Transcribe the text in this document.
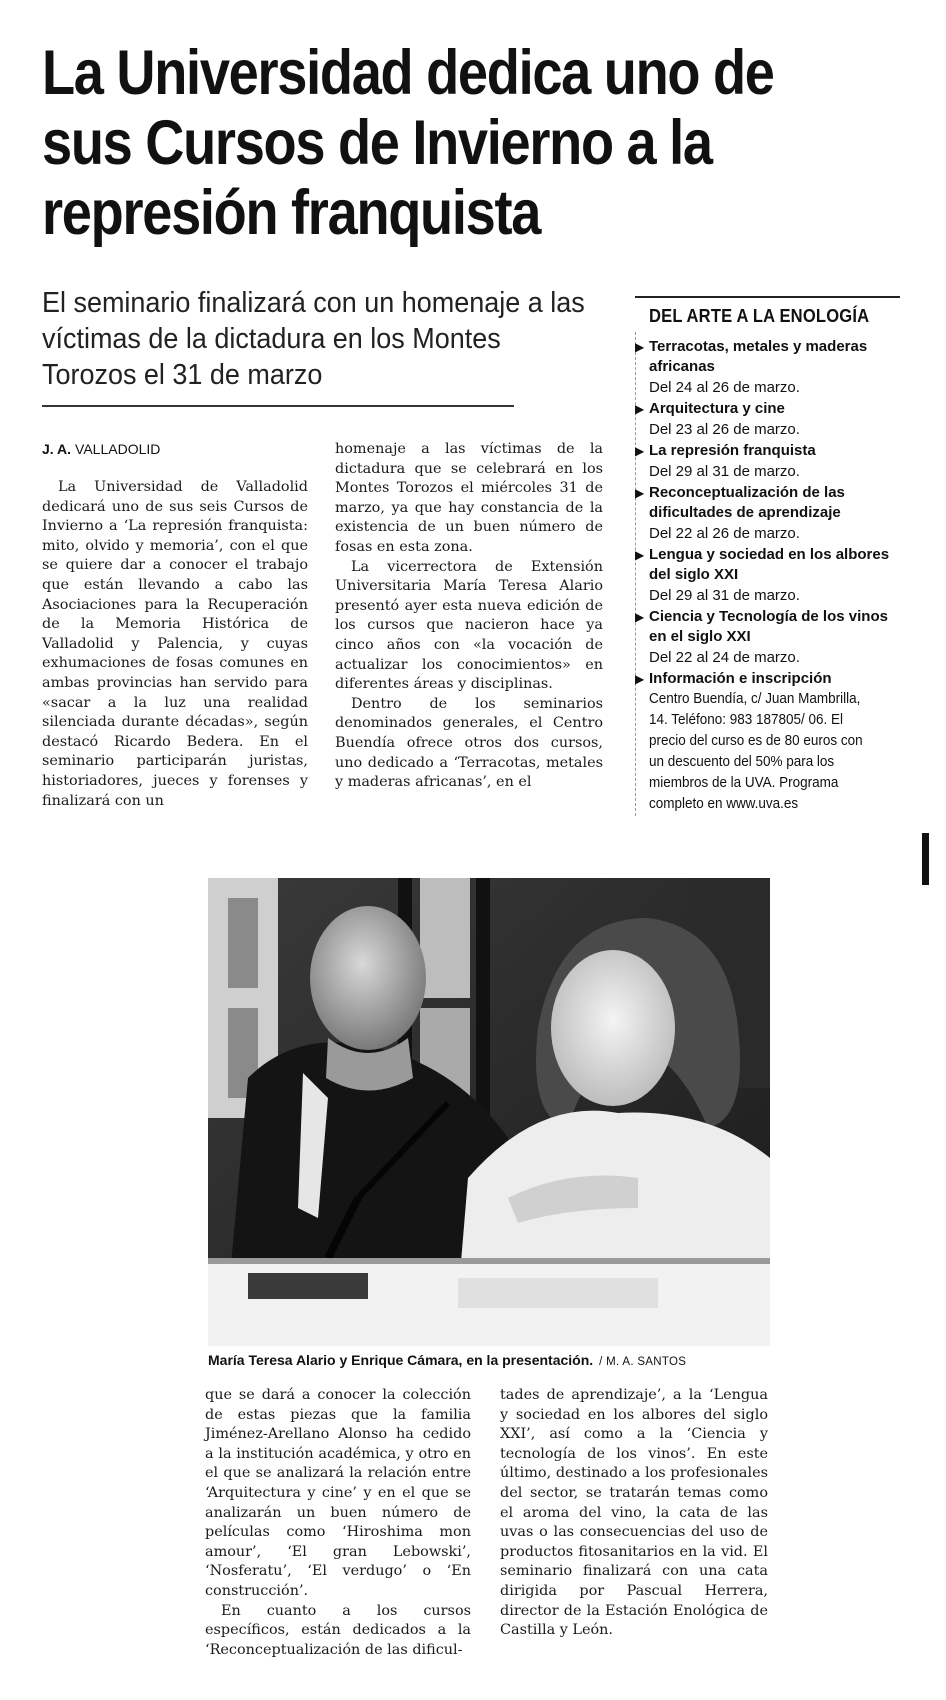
La Universidad dedica uno de sus Cursos de Invierno a la represión franquista

El seminario finalizará con un homenaje a las víctimas de la dictadura en los Montes Torozos el 31 de marzo

J. A. VALLADOLID

La Universidad de Valladolid dedicará uno de sus seis Cursos de Invierno a ‘La represión franquista: mito, olvido y memoria’, con el que se quiere dar a conocer el trabajo que están llevando a cabo las Asociaciones para la Recuperación de la Memoria Histórica de Valladolid y Palencia, y cuyas exhumaciones de fosas comunes en ambas provincias han servido para «sacar a la luz una realidad silenciada durante décadas», según destacó Ricardo Bedera. En el seminario participarán juristas, historiadores, jueces y forenses y finalizará con un

homenaje a las víctimas de la dictadura que se celebrará en los Montes Torozos el miércoles 31 de marzo, ya que hay constancia de la existencia de un buen número de fosas en esta zona.

La vicerrectora de Extensión Universitaria María Teresa Alario presentó ayer esta nueva edición de los cursos que nacieron hace ya cinco años con «la vocación de actualizar los conocimientos» en diferentes áreas y disciplinas.

Dentro de los seminarios denominados generales, el Centro Buendía ofrece otros dos cursos, uno dedicado a ‘Terracotas, metales y maderas africanas’, en el

DEL ARTE A LA ENOLOGÍA
▶ Terracotas, metales y maderas africanas
Del 24 al 26 de marzo.
▶ Arquitectura y cine
Del 23 al 26 de marzo.
▶ La represión franquista
Del 29 al 31 de marzo.
▶ Reconceptualización de las dificultades de aprendizaje
Del 22 al 26 de marzo.
▶ Lengua y sociedad en los albores del siglo XXI
Del 29 al 31 de marzo.
▶ Ciencia y Tecnología de los vinos en el siglo XXI
Del 22 al 24 de marzo.
▶ Información e inscripción
Centro Buendía, c/ Juan Mambrilla, 14. Teléfono: 983 187805/ 06. El precio del curso es de 80 euros con un descuento del 50% para los miembros de la UVA. Programa completo en www.uva.es
María Teresa Alario y Enrique Cámara, en la presentación. / M. A. SANTOS

que se dará a conocer la colección de estas piezas que la familia Jiménez-Arellano Alonso ha cedido a la institución académica, y otro en el que se analizará la relación entre ‘Arquitectura y cine’ y en el que se analizarán un buen número de películas como ‘Hiroshima mon amour’, ‘El gran Lebowski’, ‘Nosferatu’, ‘El verdugo’ o ‘En construcción’.

En cuanto a los cursos específicos, están dedicados a la ‘Reconceptualización de las dificul-

tades de aprendizaje’, a la ‘Lengua y sociedad en los albores del siglo XXI’, así como a la ‘Ciencia y tecnología de los vinos’. En este último, destinado a los profesionales del sector, se tratarán temas como el aroma del vino, la cata de las uvas o las consecuencias del uso de productos fitosanitarios en la vid. El seminario finalizará con una cata dirigida por Pascual Herrera, director de la Estación Enológica de Castilla y León.
